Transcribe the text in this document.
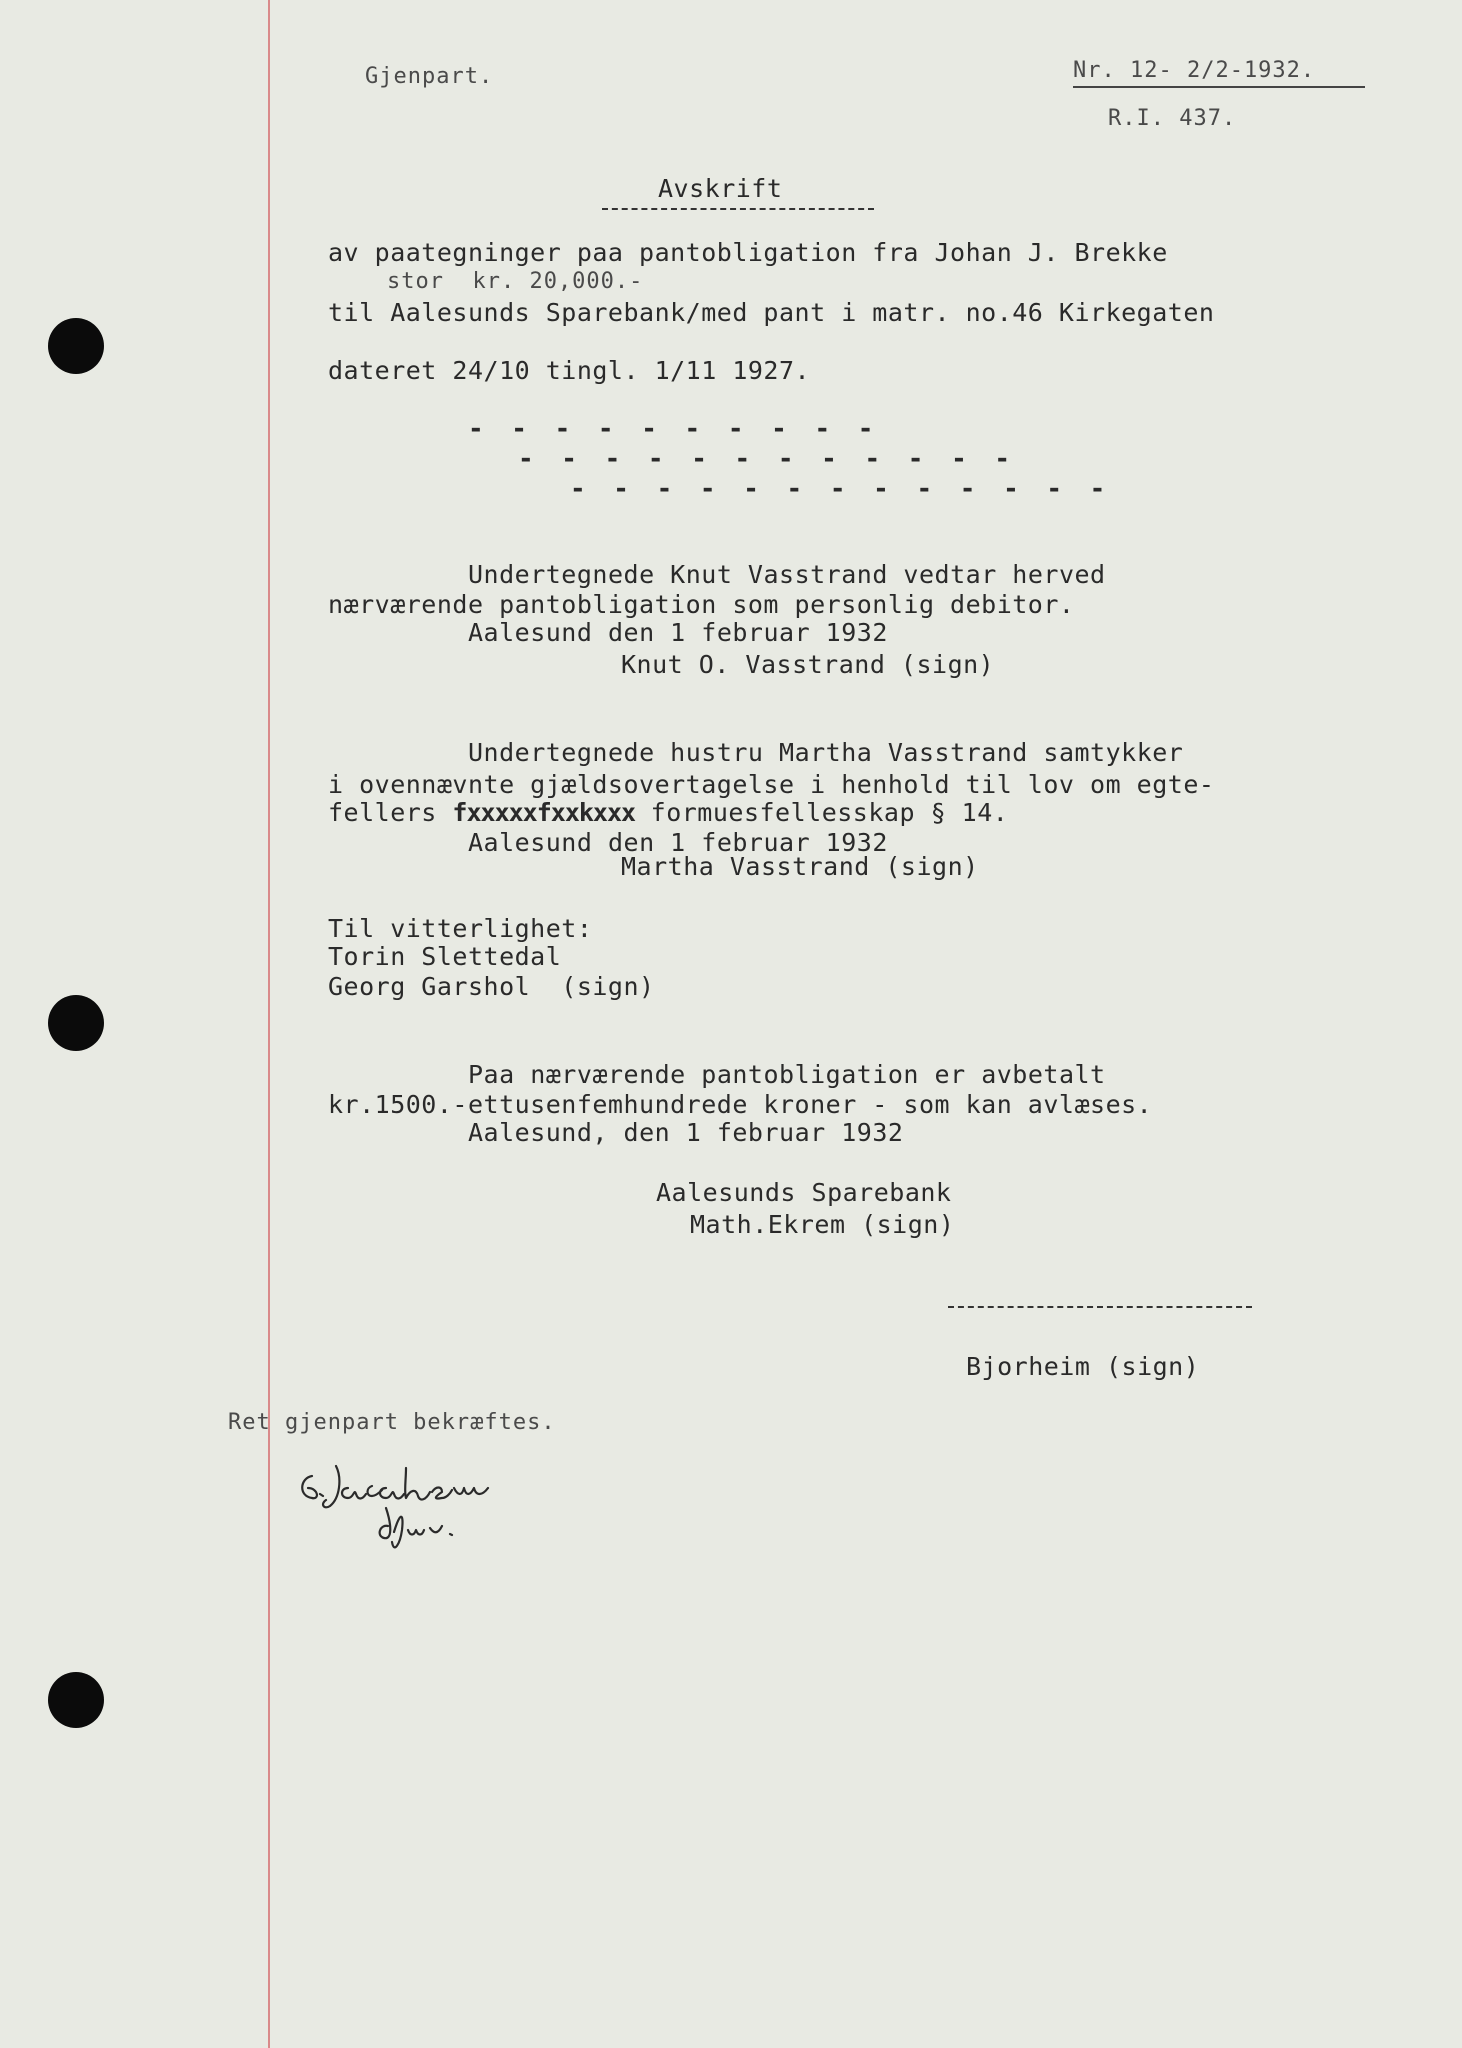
Gjenpart.	Nr. 12- 2/2-1932.
R.I. 437.
Avskrift
av paategninger paa pantobligation fra Johan J. Brekke
stor  kr. 20,000.-
til Aalesunds Sparebank/med pant i matr. no.46 Kirkegaten
dateret 24/10 tingl. 1/11 1927.
- - - - - - - - - -
- - - - - - - - - - - -
- - - - - - - - - - - - -
Undertegnede Knut Vasstrand vedtar herved
nærværende pantobligation som personlig debitor.
Aalesund den 1 februar 1932
Knut O. Vasstrand (sign)
Undertegnede hustru Martha Vasstrand samtykker
i ovennævnte gjældsovertagelse i henhold til lov om egte-
fellers fxxxxxfxxkxxx formuesfellesskap § 14.
Aalesund den 1 februar 1932
Martha Vasstrand (sign)
Til vitterlighet:
Torin Slettedal
Georg Garshol  (sign)
Paa nærværende pantobligation er avbetalt
kr.1500.-ettusenfemhundrede kroner - som kan avlæses.
Aalesund, den 1 februar 1932
Aalesunds Sparebank
Math.Ekrem (sign)
Bjorheim (sign)
Ret gjenpart bekræftes.
